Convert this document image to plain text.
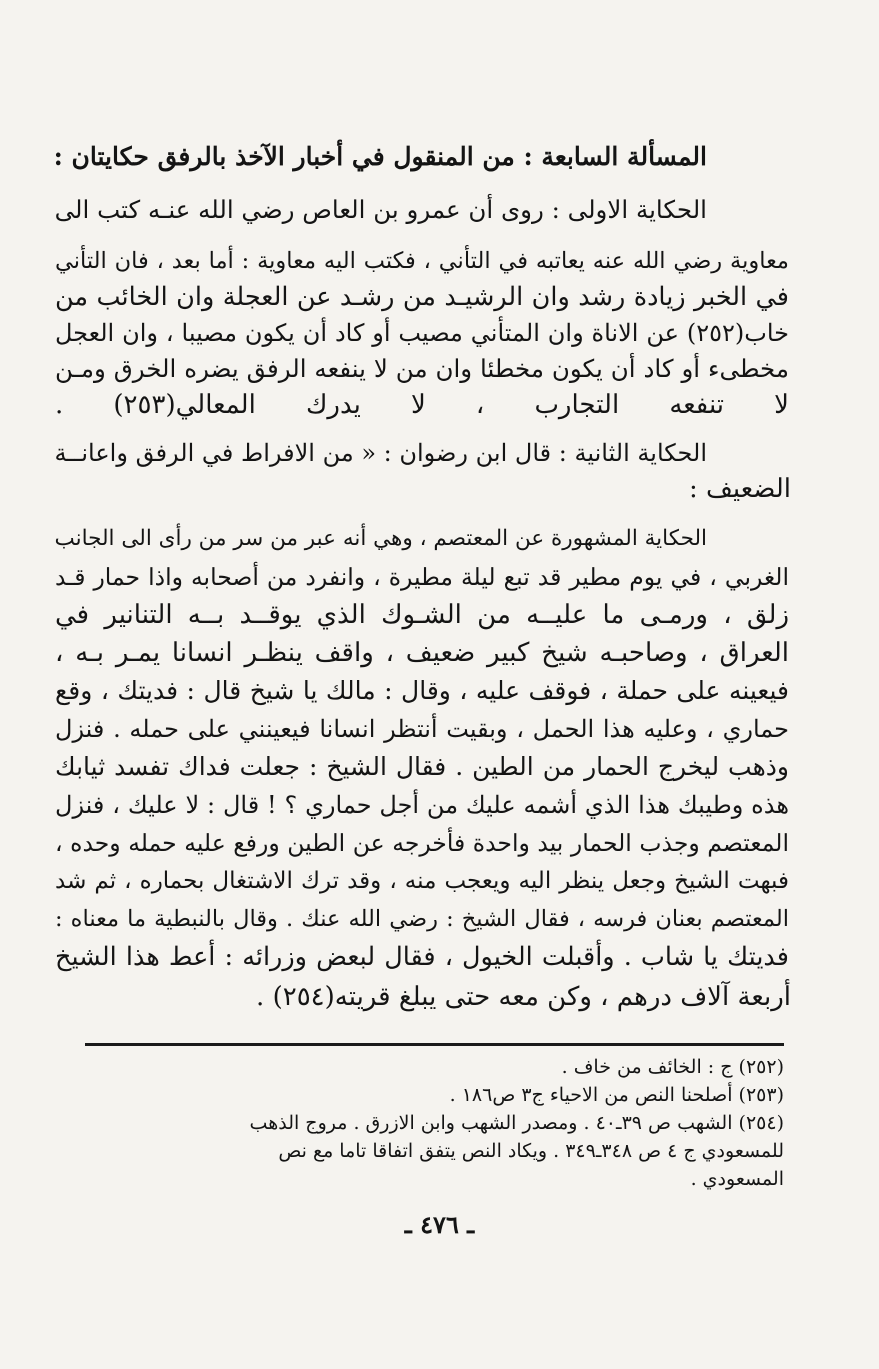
المسألة السابعة : من المنقول في أخبار الآخذ بالرفق حكايتان :
الحكاية الاولى : روى أن عمرو بن العاص رضي الله عنـه كتب الى
معاوية رضي الله عنه يعاتبه في التأني ، فكتب اليه معاوية : أما بعد ، فان التأني
في الخبر زيادة رشد وان الرشيـد من رشـد عن العجلة وان الخائب من
خاب(٢٥٢) عن الاناة وان المتأني مصيب أو كاد أن يكون مصيبا ، وان العجل
مخطىء أو كاد أن يكون مخطئا وان من لا ينفعه الرفق يضره الخرق ومـن
لا تنفعه التجارب ، لا يدرك المعالي(٢٥٣) .
الحكاية الثانية : قال ابن رضوان : « من الافراط في الرفق واعانــة
الضعيف :
الحكاية المشهورة عن المعتصم ، وهي أنه عبر من سر من رأى الى الجانب
الغربي ، في يوم مطير قد تبع ليلة مطيرة ، وانفرد من أصحابه واذا حمار قـد
زلق ، ورمـى ما عليــه من الشـوك الذي يوقــد بــه التنانير في
العراق ، وصاحبـه شيخ كبير ضعيف ، واقف ينظـر انسانا يمـر بـه ،
فيعينه على حملة ، فوقف عليه ، وقال : مالك يا شيخ قال : فديتك ، وقع
حماري ، وعليه هذا الحمل ، وبقيت أنتظر انسانا فيعينني على حمله . فنزل
وذهب ليخرج الحمار من الطين . فقال الشيخ : جعلت فداك تفسد ثيابك
هذه وطيبك هذا الذي أشمه عليك من أجل حماري ؟ ! قال : لا عليك ، فنزل
المعتصم وجذب الحمار بيد واحدة فأخرجه عن الطين ورفع عليه حمله وحده ،
فبهت الشيخ وجعل ينظر اليه ويعجب منه ، وقد ترك الاشتغال بحماره ، ثم شد
المعتصم بعنان فرسه ، فقال الشيخ : رضي الله عنك . وقال بالنبطية ما معناه :
فديتك يا شاب . وأقبلت الخيول ، فقال لبعض وزرائه : أعط هذا الشيخ
أربعة آلاف درهم ، وكن معه حتى يبلغ قريته(٢٥٤) .
(٢٥٢) ج : الخائف من خاف .
(٢٥٣) أصلحنا النص من الاحياء ج٣ ص١٨٦ .
(٢٥٤) الشهب ص ٣٩ـ٤٠ . ومصدر الشهب وابن الازرق . مروج الذهب
للمسعودي ج ٤ ص ٣٤٨ـ٣٤٩ . ويكاد النص يتفق اتفاقا تاما مع نص
المسعودي .
ـ ٤٧٦ ـ
